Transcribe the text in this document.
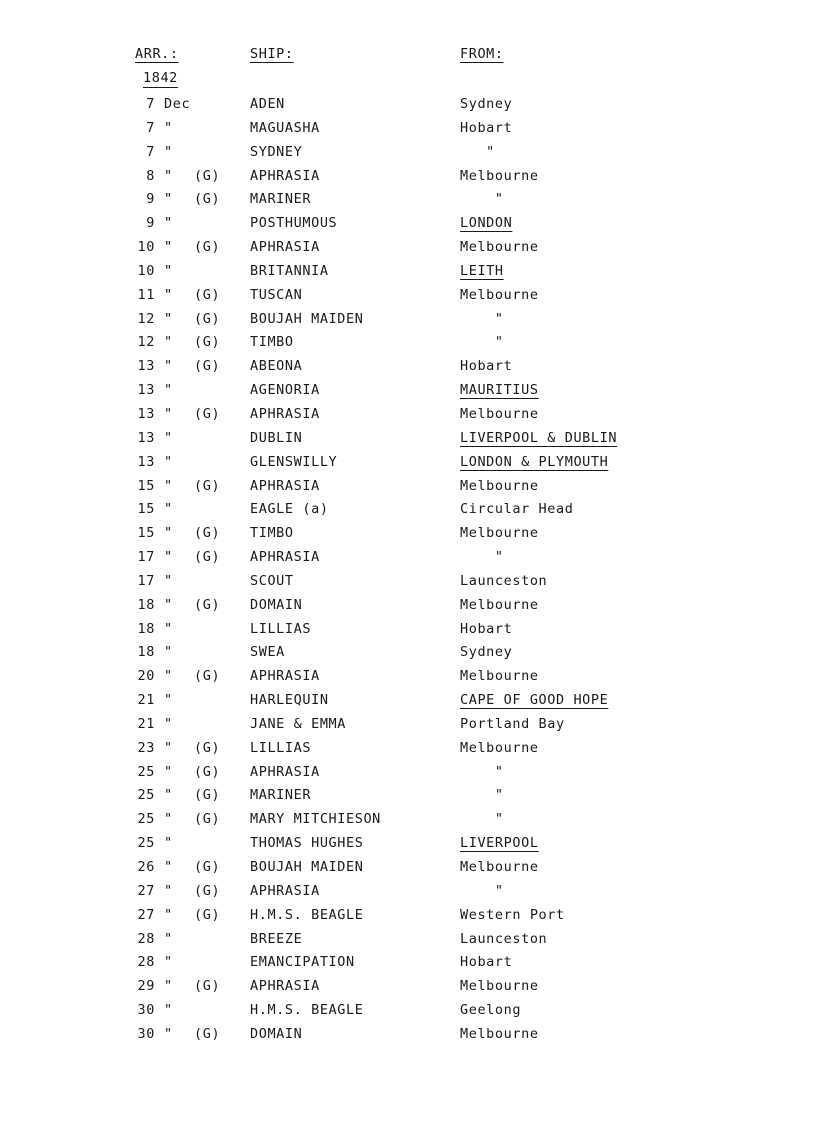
ARR.:	SHIP:	FROM:
1842
7 Dec	ADEN	Sydney
7 "	MAGUASHA	Hobart
7 "	SYDNEY	"
8 " (G) APHRASIA	Melbourne
9 " (G) MARINER	"
9 "	POSTHUMOUS	LONDON
10 " (G) APHRASIA	Melbourne
10 "	BRITANNIA	LEITH
11 " (G) TUSCAN	Melbourne
12 " (G) BOUJAH MAIDEN	"
12 " (G) TIMBO	"
13 " (G) ABEONA	Hobart
13 "	AGENORIA	MAURITIUS
13 " (G) APHRASIA	Melbourne
13 "	DUBLIN	LIVERPOOL & DUBLIN
13 "	GLENSWILLY	LONDON & PLYMOUTH
15 " (G) APHRASIA	Melbourne
15 "	EAGLE (a)	Circular Head
15 " (G) TIMBO	Melbourne
17 " (G) APHRASIA	"
17 "	SCOUT	Launceston
18 " (G) DOMAIN	Melbourne
18 "	LILLIAS	Hobart
18 "	SWEA	Sydney
20 " (G) APHRASIA	Melbourne
21 "	HARLEQUIN	CAPE OF GOOD HOPE
21 "	JANE & EMMA	Portland Bay
23 " (G) LILLIAS	Melbourne
25 " (G) APHRASIA	"
25 " (G) MARINER	"
25 " (G) MARY MITCHIESON	"
25 "	THOMAS HUGHES	LIVERPOOL
26 " (G) BOUJAH MAIDEN	Melbourne
27 " (G) APHRASIA	"
27 " (G) H.M.S. BEAGLE	Western Port
28 "	BREEZE	Launceston
28 "	EMANCIPATION	Hobart
29 " (G) APHRASIA	Melbourne
30 "	H.M.S. BEAGLE	Geelong
30 " (G) DOMAIN	Melbourne
